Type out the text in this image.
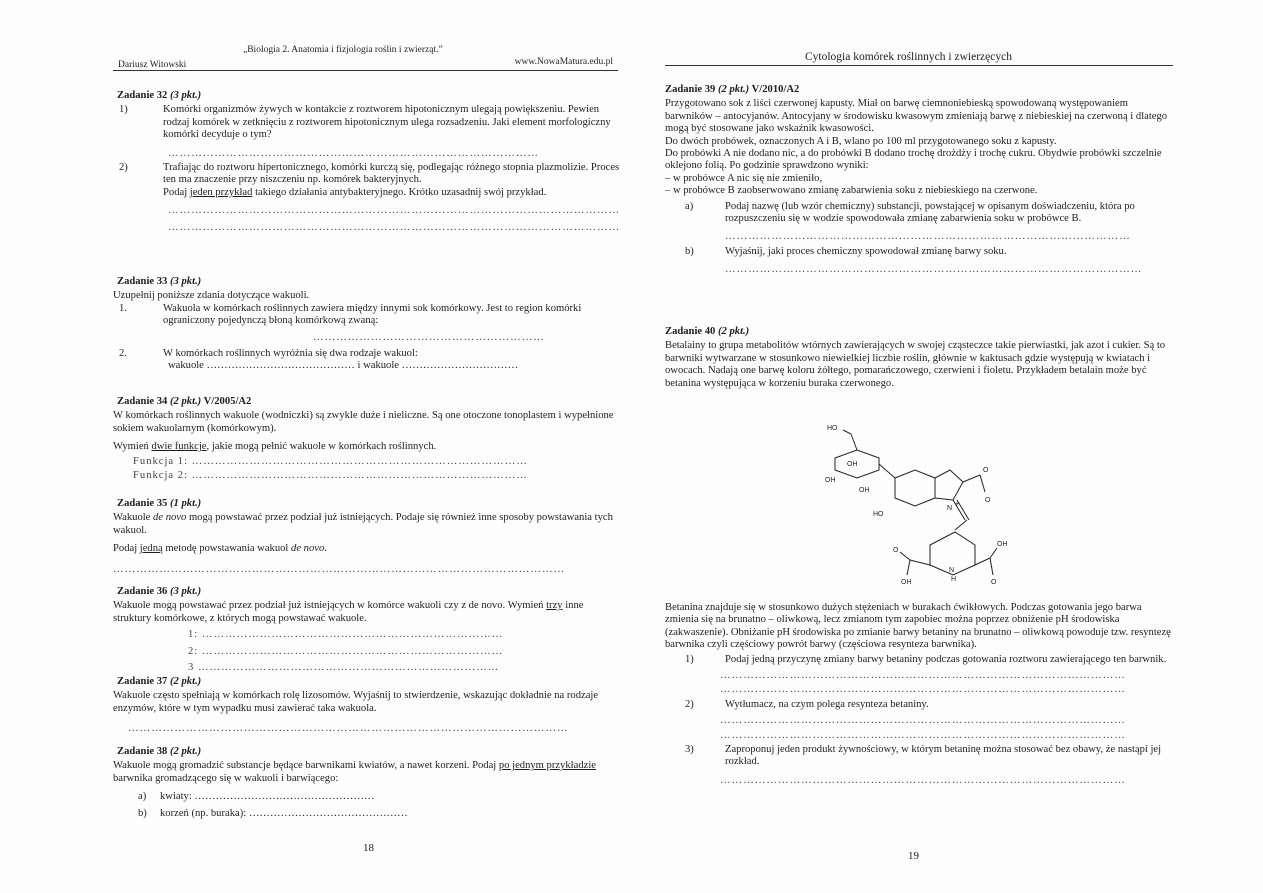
„Biologia 2. Anatomia i fizjologia roślin i zwierząt.”
Dariusz Witowski	www.NowaMatura.edu.pl
Zadanie 32 (3 pkt.)

1)	Komórki organizmów żywych w kontakcie z roztworem hipotonicznym ulegają powiększeniu. Pewien rodzaj komórek w zetknięciu z roztworem hipotonicznym ulega rozsadzeniu. Jaki element morfologiczny komórki decyduje o tym?

……………………………………………………………………………………

2)	Trafiając do roztworu hipertonicznego, komórki kurczą się, podlegając różnego stopnia plazmolizie. Proces ten ma znaczenie przy niszczeniu np. komórek bakteryjnych.

Podaj jeden przykład takiego działania antybakteryjnego. Krótko uzasadnij swój przykład.

………………………………………………………………………………………………………

………………………………………………………………………………………………………

Zadanie 33 (3 pkt.)

Uzupełnij poniższe zdania dotyczące wakuoli.

1.	Wakuola w komórkach roślinnych zawiera między innymi sok komórkowy. Jest to region komórki ograniczony pojedynczą błoną komórkową zwaną:

……………………………………………………

2.	W komórkach roślinnych wyróżnia się dwa rodzaje wakuol:

wakuole …………………………………… i wakuole ……………………………

Zadanie 34 (2 pkt.) V/2005/A2

W komórkach roślinnych wakuole (wodniczki) są zwykle duże i nieliczne. Są one otoczone tonoplastem i wypełnione sokiem wakuolarnym (komórkowym).

Wymień dwie funkcje, jakie mogą pełnić wakuole w komórkach roślinnych.

Funkcja 1: ……………………………………………………………………………

Funkcja 2: ……………………………………………………………………………

Zadanie 35 (1 pkt.)

Wakuole de novo mogą powstawać przez podział już istniejących. Podaje się również inne sposoby powstawania tych wakuol.

Podaj jedną metodę powstawania wakuol de novo.

………………………………………………………………………………………………………

Zadanie 36 (3 pkt.)

Wakuole mogą powstawać przez podział już istniejących w komórce wakuoli czy z de novo. Wymień trzy inne struktury komórkowe, z których mogą powstawać wakuole.

1: ……………………………………………………………………

2: ……………………………………………………………………

3 ……………………………………………………………………

Zadanie 37 (2 pkt.)

Wakuole często spełniają w komórkach rolę lizosomów. Wyjaśnij to stwierdzenie, wskazując dokładnie na rodzaje enzymów, które w tym wypadku musi zawierać taka wakuola.

……………………………………………………………………………………………………

Zadanie 38 (2 pkt.)

Wakuole mogą gromadzić substancje będące barwnikami kwiatów, a nawet korzeni. Podaj po jednym przykładzie barwnika gromadzącego się w wakuoli i barwiącego:

a) kwiaty: ……………………………………………

b) korzeń (np. buraka): ………………………………………

18
Cytologia komórek roślinnych i zwierzęcych
Zadanie 39 (2 pkt.) V/2010/A2

Przygotowano sok z liści czerwonej kapusty. Miał on barwę ciemnoniebieską spowodowaną występowaniem barwników – antocyjanów. Antocyjany w środowisku kwasowym zmieniają barwę z niebieskiej na czerwoną i dlatego mogą być stosowane jako wskaźnik kwasowości.

Do dwóch probówek, oznaczonych A i B, wlano po 100 ml przygotowanego soku z kapusty.

Do probówki A nie dodano nic, a do probówki B dodano trochę drożdży i trochę cukru. Obydwie probówki szczelnie oklejono folią. Po godzinie sprawdzono wyniki:

– w probówce A nic się nie zmieniło,

– w probówce B zaobserwowano zmianę zabarwienia soku z niebieskiego na czerwone.

a)	Podaj nazwę (lub wzór chemiczny) substancji, powstającej w opisanym doświadczeniu, która po rozpuszczeniu się w wodzie spowodowała zmianę zabarwienia soku w probówce B.

……………………………………………………………………………………………

b)	Wyjaśnij, jaki proces chemiczny spowodował zmianę barwy soku.

………………………………………………………………………………………………

Zadanie 40 (2 pkt.)

Betalainy to grupa metabolitów wtórnych zawierających w swojej cząsteczce takie pierwiastki, jak azot i cukier. Są to barwniki wytwarzane w stosunkowo niewielkiej liczbie roślin, głównie w kaktusach gdzie występują w kwiatach i owocach. Nadają one barwę koloru żółtego, pomarańczowego, czerwieni i fioletu. Przykładem betalain może być betanina występująca w korzeniu buraka czerwonego.

HO
OH
OH
OH
HO
N
+
O
O
N
H
O
OH
OH	O

Betanina znajduje się w stosunkowo dużych stężeniach w burakach ćwikłowych. Podczas gotowania jego barwa zmienia się na brunatno – oliwkową, lecz zmianom tym zapobiec można poprzez obniżenie pH środowiska (zakwaszenie). Obniżanie pH środowiska po zmianie barwy betaniny na brunatno – oliwkową powoduje tzw. resyntezę barwnika czyli częściowy powrót barwy (częściowa resynteza barwnika).

1)	Podaj jedną przyczynę zmiany barwy betaniny podczas gotowania roztworu zawierającego ten barwnik.

……………………………………………………………………………………………

……………………………………………………………………………………………

2)	Wytłumacz, na czym polega resynteza betaniny.

……………………………………………………………………………………………

……………………………………………………………………………………………

3)	Zaproponuj jeden produkt żywnościowy, w którym betaninę można stosować bez obawy, że nastąpi jej rozkład.

……………………………………………………………………………………………

19
